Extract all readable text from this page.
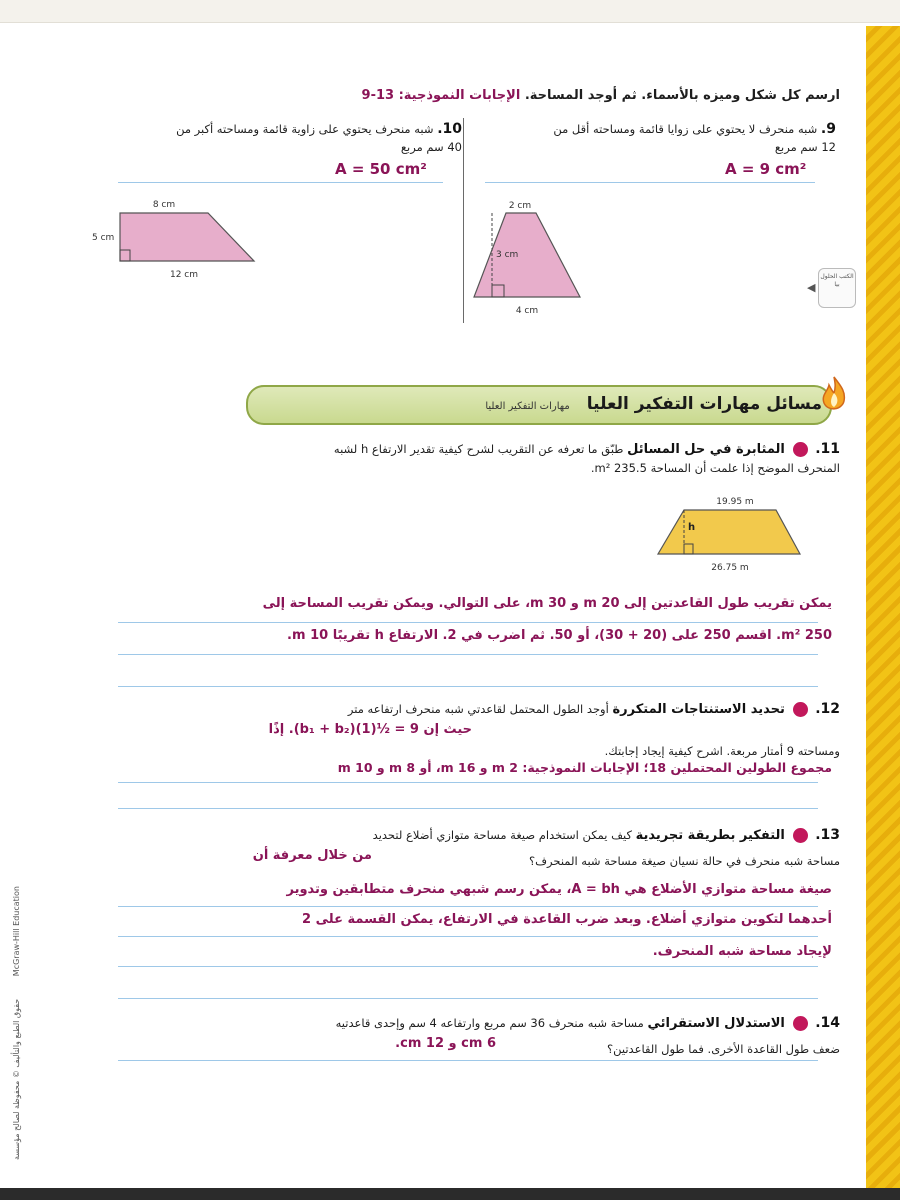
ارسم كل شكل وميزه بالأسماء. ثم أوجد المساحة. الإجابات النموذجية: 13-9
9. شبه منحرف لا يحتوي على زوايا قائمة ومساحته أقل من
12 سم مربع
A = 9 cm²
2 cm
3 cm
4 cm
10. شبه منحرف يحتوي على زاوية قائمة ومساحته أكبر من
40 سم مربع
A = 50 cm²
8 cm
5 cm
12 cm	الكتب الحلول بيا
◀
مسائل مهارات التفكير العليا مهارات التفكير العليا
11.  المثابرة في حل المسائل طبّق ما تعرفه عن التقريب لشرح كيفية تقدير الارتفاع h لشبه
المنحرف الموضح إذا علمت أن المساحة 235.5 m².
19.95 m
h
26.75 m
يمكن تقريب طول القاعدتين إلى m 20 و m 30، على التوالي. ويمكن تقريب المساحة إلى
m² 250. اقسم 250 على (20 + 30)، أو 50. ثم اضرب في 2. الارتفاع h تقريبًا m 10.
12.  تحديد الاستنتاجات المتكررة أوجد الطول المحتمل لقاعدتي شبه منحرف ارتفاعه متر
حيث إن 9 = ½(1)(b₁ + b₂). إذًا
ومساحته 9 أمتار مربعة. اشرح كيفية إيجاد إجابتك.
مجموع الطولين المحتملين 18؛ الإجابات النموذجية: m 2 و m 16، أو m 8 و m 10
13.  التفكير بطريقة تجريدية كيف يمكن استخدام صيغة مساحة متوازي أضلاع لتحديد
مساحة شبه منحرف في حالة نسيان صيغة مساحة شبه المنحرف؟
من خلال معرفة أن
صيغة مساحة متوازي الأضلاع هي A = bh، يمكن رسم شبهي منحرف متطابقين وتدوير
أحدهما لتكوين متوازي أضلاع. وبعد ضرب القاعدة في الارتفاع، يمكن القسمة على 2
لإيجاد مساحة شبه المنحرف.
14.  الاستدلال الاستقرائي مساحة شبه منحرف 36 سم مربع وارتفاعه 4 سم وإحدى قاعدتيه
ضعف طول القاعدة الأخرى. فما طول القاعدتين؟
6 cm و 12 cm.
حقوق الطبع والتأليف © محفوظة لصالح مؤسسة McGraw-Hill Education
